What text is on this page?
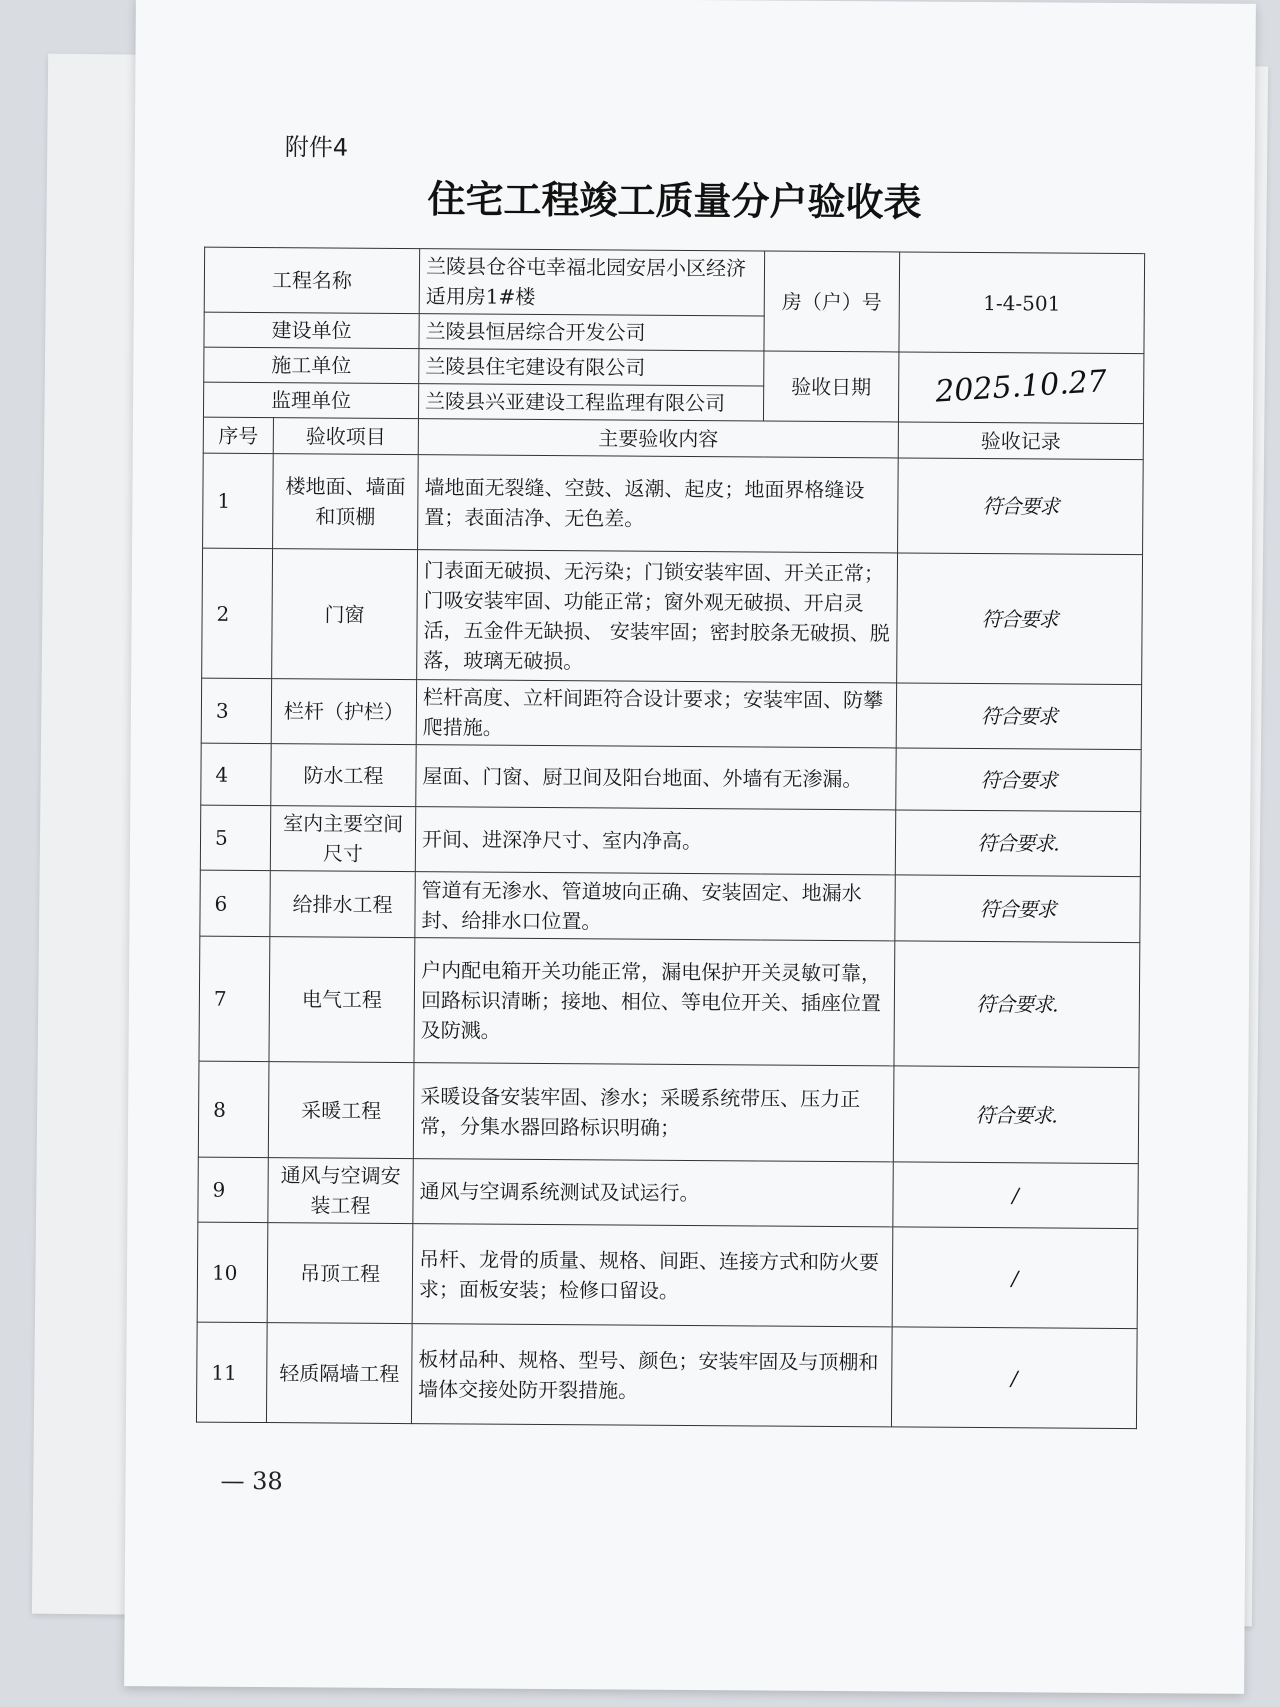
附件4
住宅工程竣工质量分户验收表
工程名称		兰陵县仓谷屯幸福北园安居小区经济适用房1#楼	房（户）号	1-4-501
建设单位		兰陵县恒居综合开发公司		
施工单位		兰陵县住宅建设有限公司	验收日期	2025.10.27
监理单位		兰陵县兴亚建设工程监理有限公司		
序号	验收项目	主要验收内容		验收记录
1	楼地面、墙面和顶棚	墙地面无裂缝、空鼓、返潮、起皮；地面界格缝设置；表面洁净、无色差。		符合要求
2	门窗	门表面无破损、无污染；门锁安装牢固、开关正常；门吸安装牢固、功能正常；窗外观无破损、开启灵活，五金件无缺损、 安装牢固；密封胶条无破损、脱落，玻璃无破损。		符合要求
3	栏杆（护栏）	栏杆高度、立杆间距符合设计要求；安装牢固、防攀爬措施。		符合要求
4	防水工程	屋面、门窗、厨卫间及阳台地面、外墙有无渗漏。		符合要求
5	室内主要空间尺寸	开间、进深净尺寸、室内净高。		符合要求.
6	给排水工程	管道有无渗水、管道坡向正确、安装固定、地漏水封、给排水口位置。		符合要求
7	电气工程	户内配电箱开关功能正常，漏电保护开关灵敏可靠，回路标识清晰；接地、相位、等电位开关、插座位置及防溅。		符合要求.
8	采暖工程	采暖设备安装牢固、渗水；采暖系统带压、压力正常，分集水器回路标识明确；		符合要求.
9	通风与空调安装工程	通风与空调系统测试及试运行。		/
10	吊顶工程	吊杆、龙骨的质量、规格、间距、连接方式和防火要求；面板安装；检修口留设。		/
11	轻质隔墙工程	板材品种、规格、型号、颜色；安装牢固及与顶棚和墙体交接处防开裂措施。		/
— 38
